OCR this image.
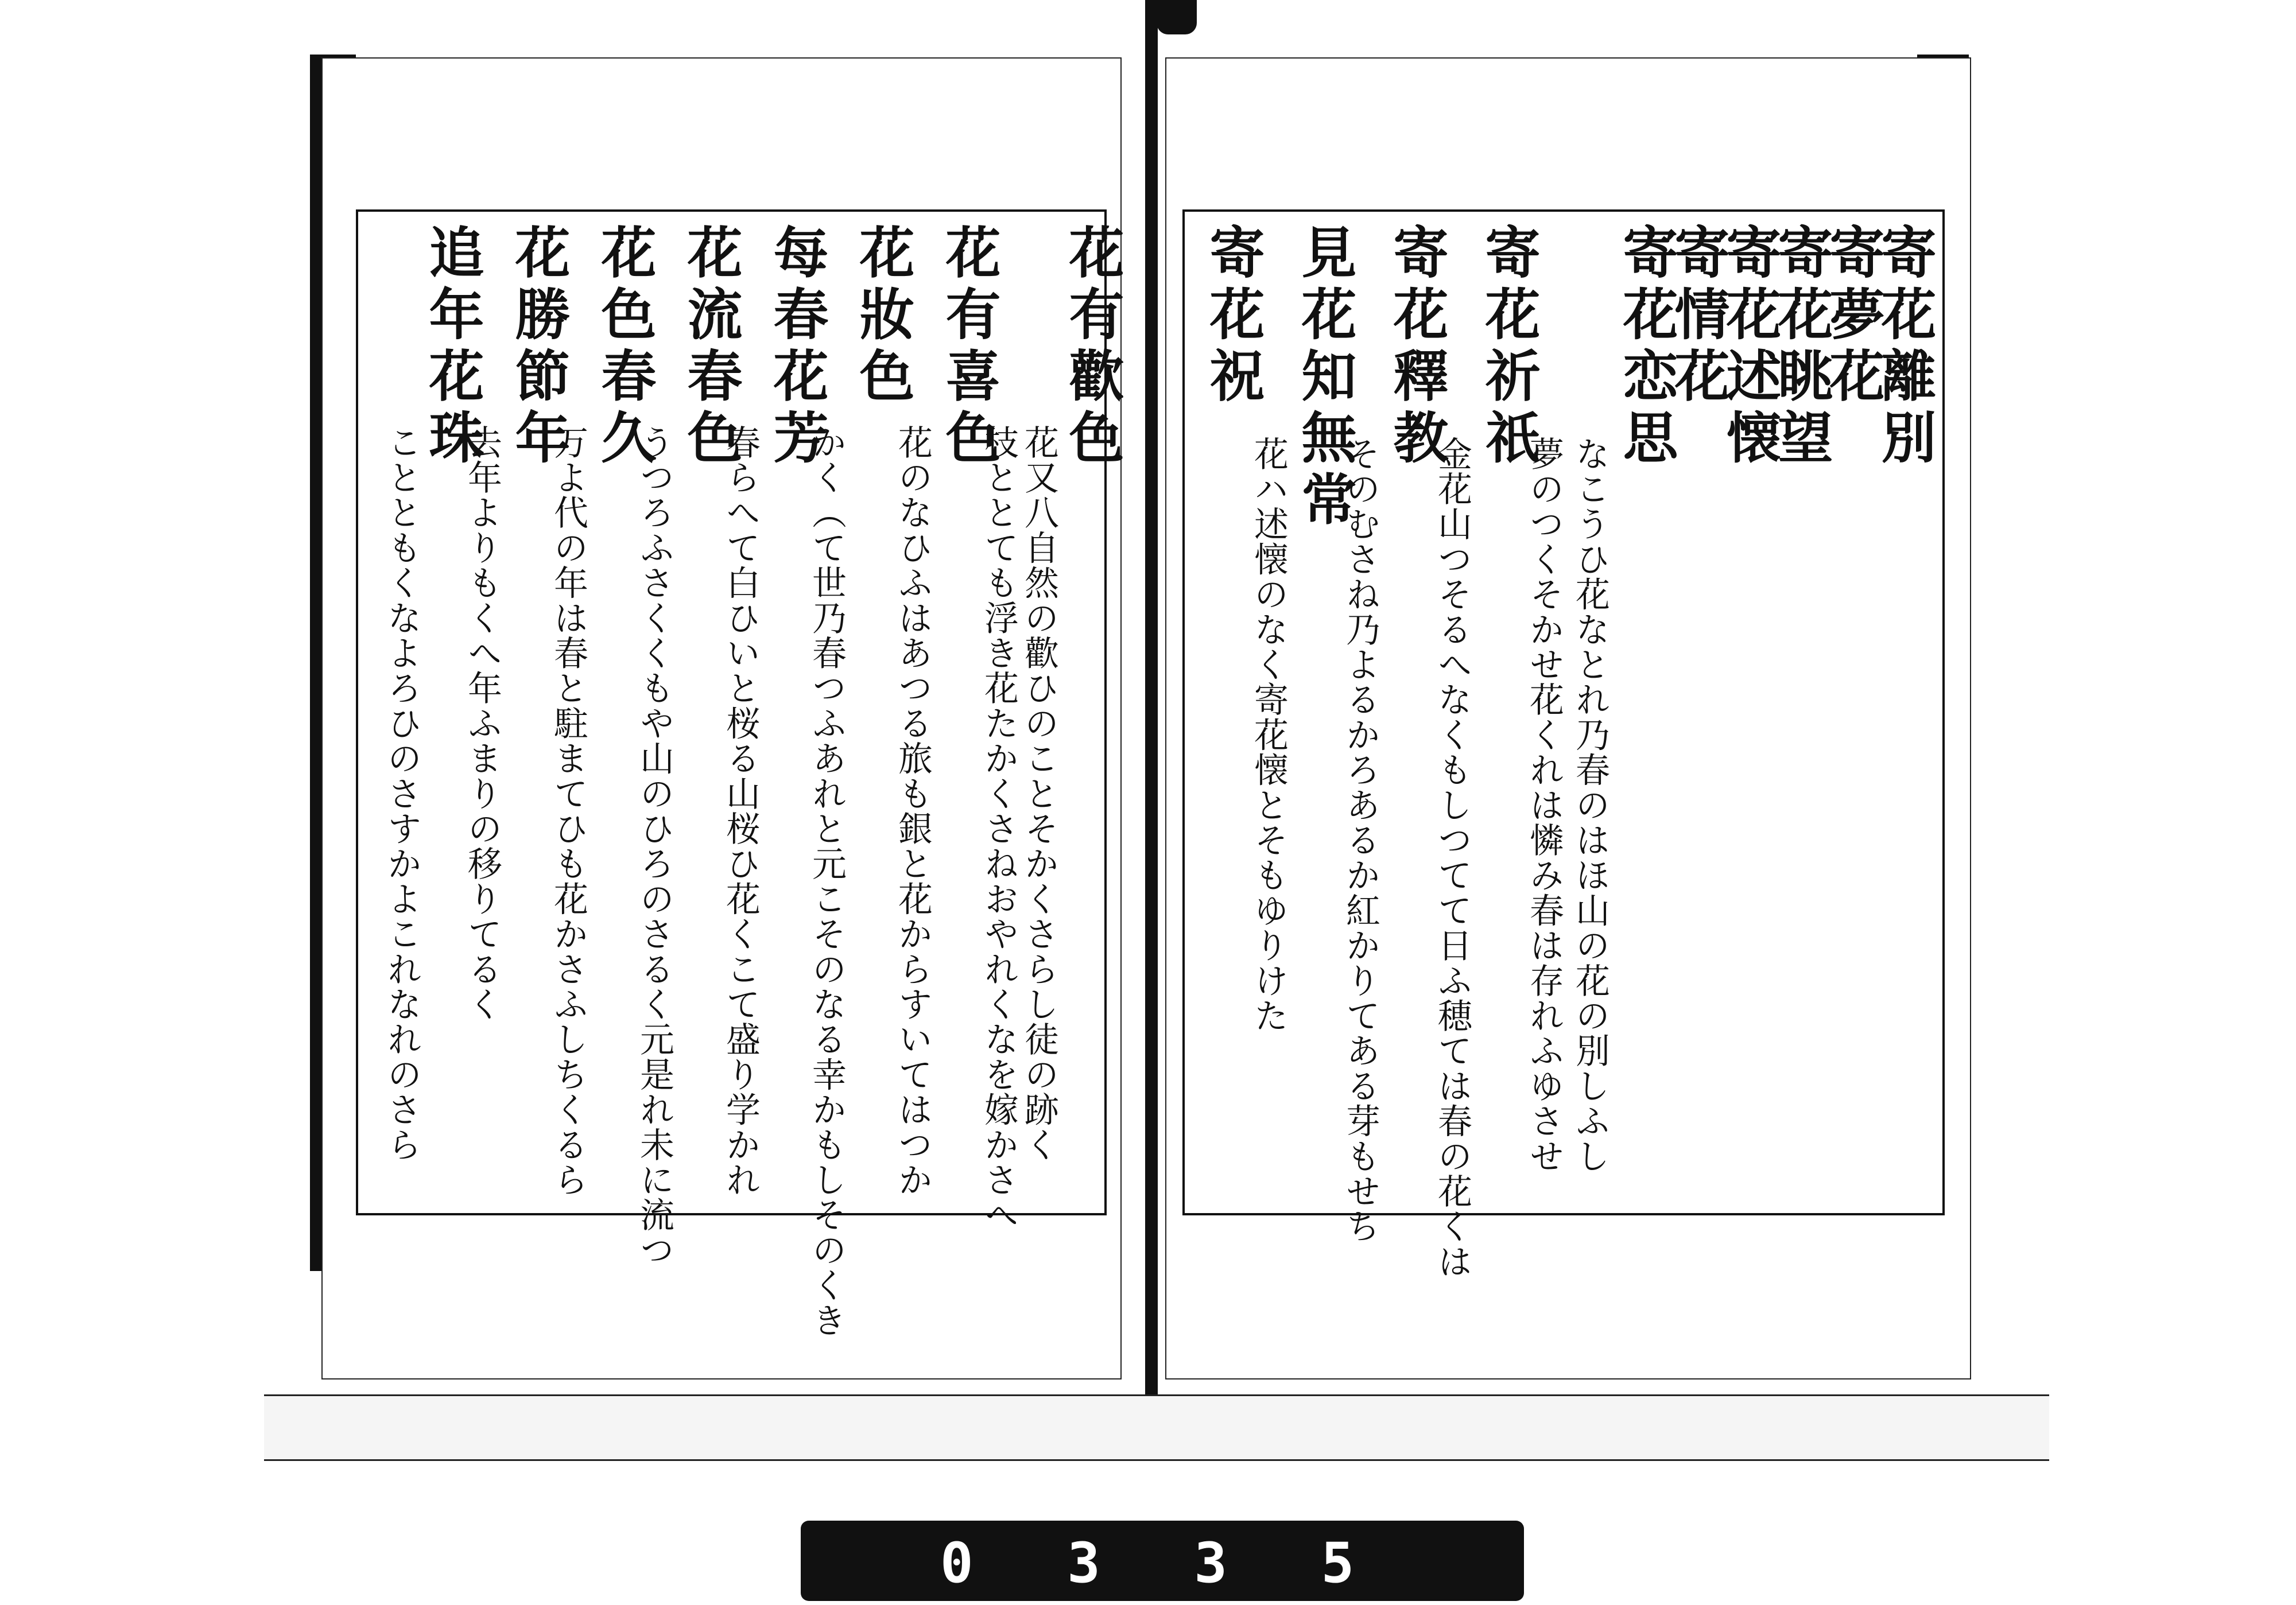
花有歡色
花又八自然の歡ひのことそかくさらし徒の跡く
枝ととても浮き花たかくさねおやれくなを嫁かさへ
花有喜色
花のなひふはあつる旅も銀と花からすいてはつか
花妝色
かく（て世乃春つふあれと元こそのなる幸かもしそのくき
每春花芳
春らへて白ひいと桜る山桜ひ花くこて盛り学かれ
花流春色
うつろふさくくもや山のひろのさるく元是れ未に流つ
花色春久
万よ代の年は春と駐まてひも花かさふしちくるら
花勝節年
去年よりもくへ年ふまりの移りてるく
追年花珠
ことともくなよろひのさすかよこれなれのさら
寄花離別
寄夢花
寄花眺望
寄花述懐
寄情花
寄花恋思
なこうひ花なとれ乃春のはほ山の花の別しふし
夢のつくそかせ花くれは憐み春は存れふゆさせ
寄花祈祇
金花山つそるへなくもしつてて日ふ穂ては春の花くは
寄花釋教
そのむさね乃よるかろあるか紅かりてある芽もせち
見花知無常
花ハ述懐のなく寄花懐とそもゆりけた
寄花祝
0 3 3 5
